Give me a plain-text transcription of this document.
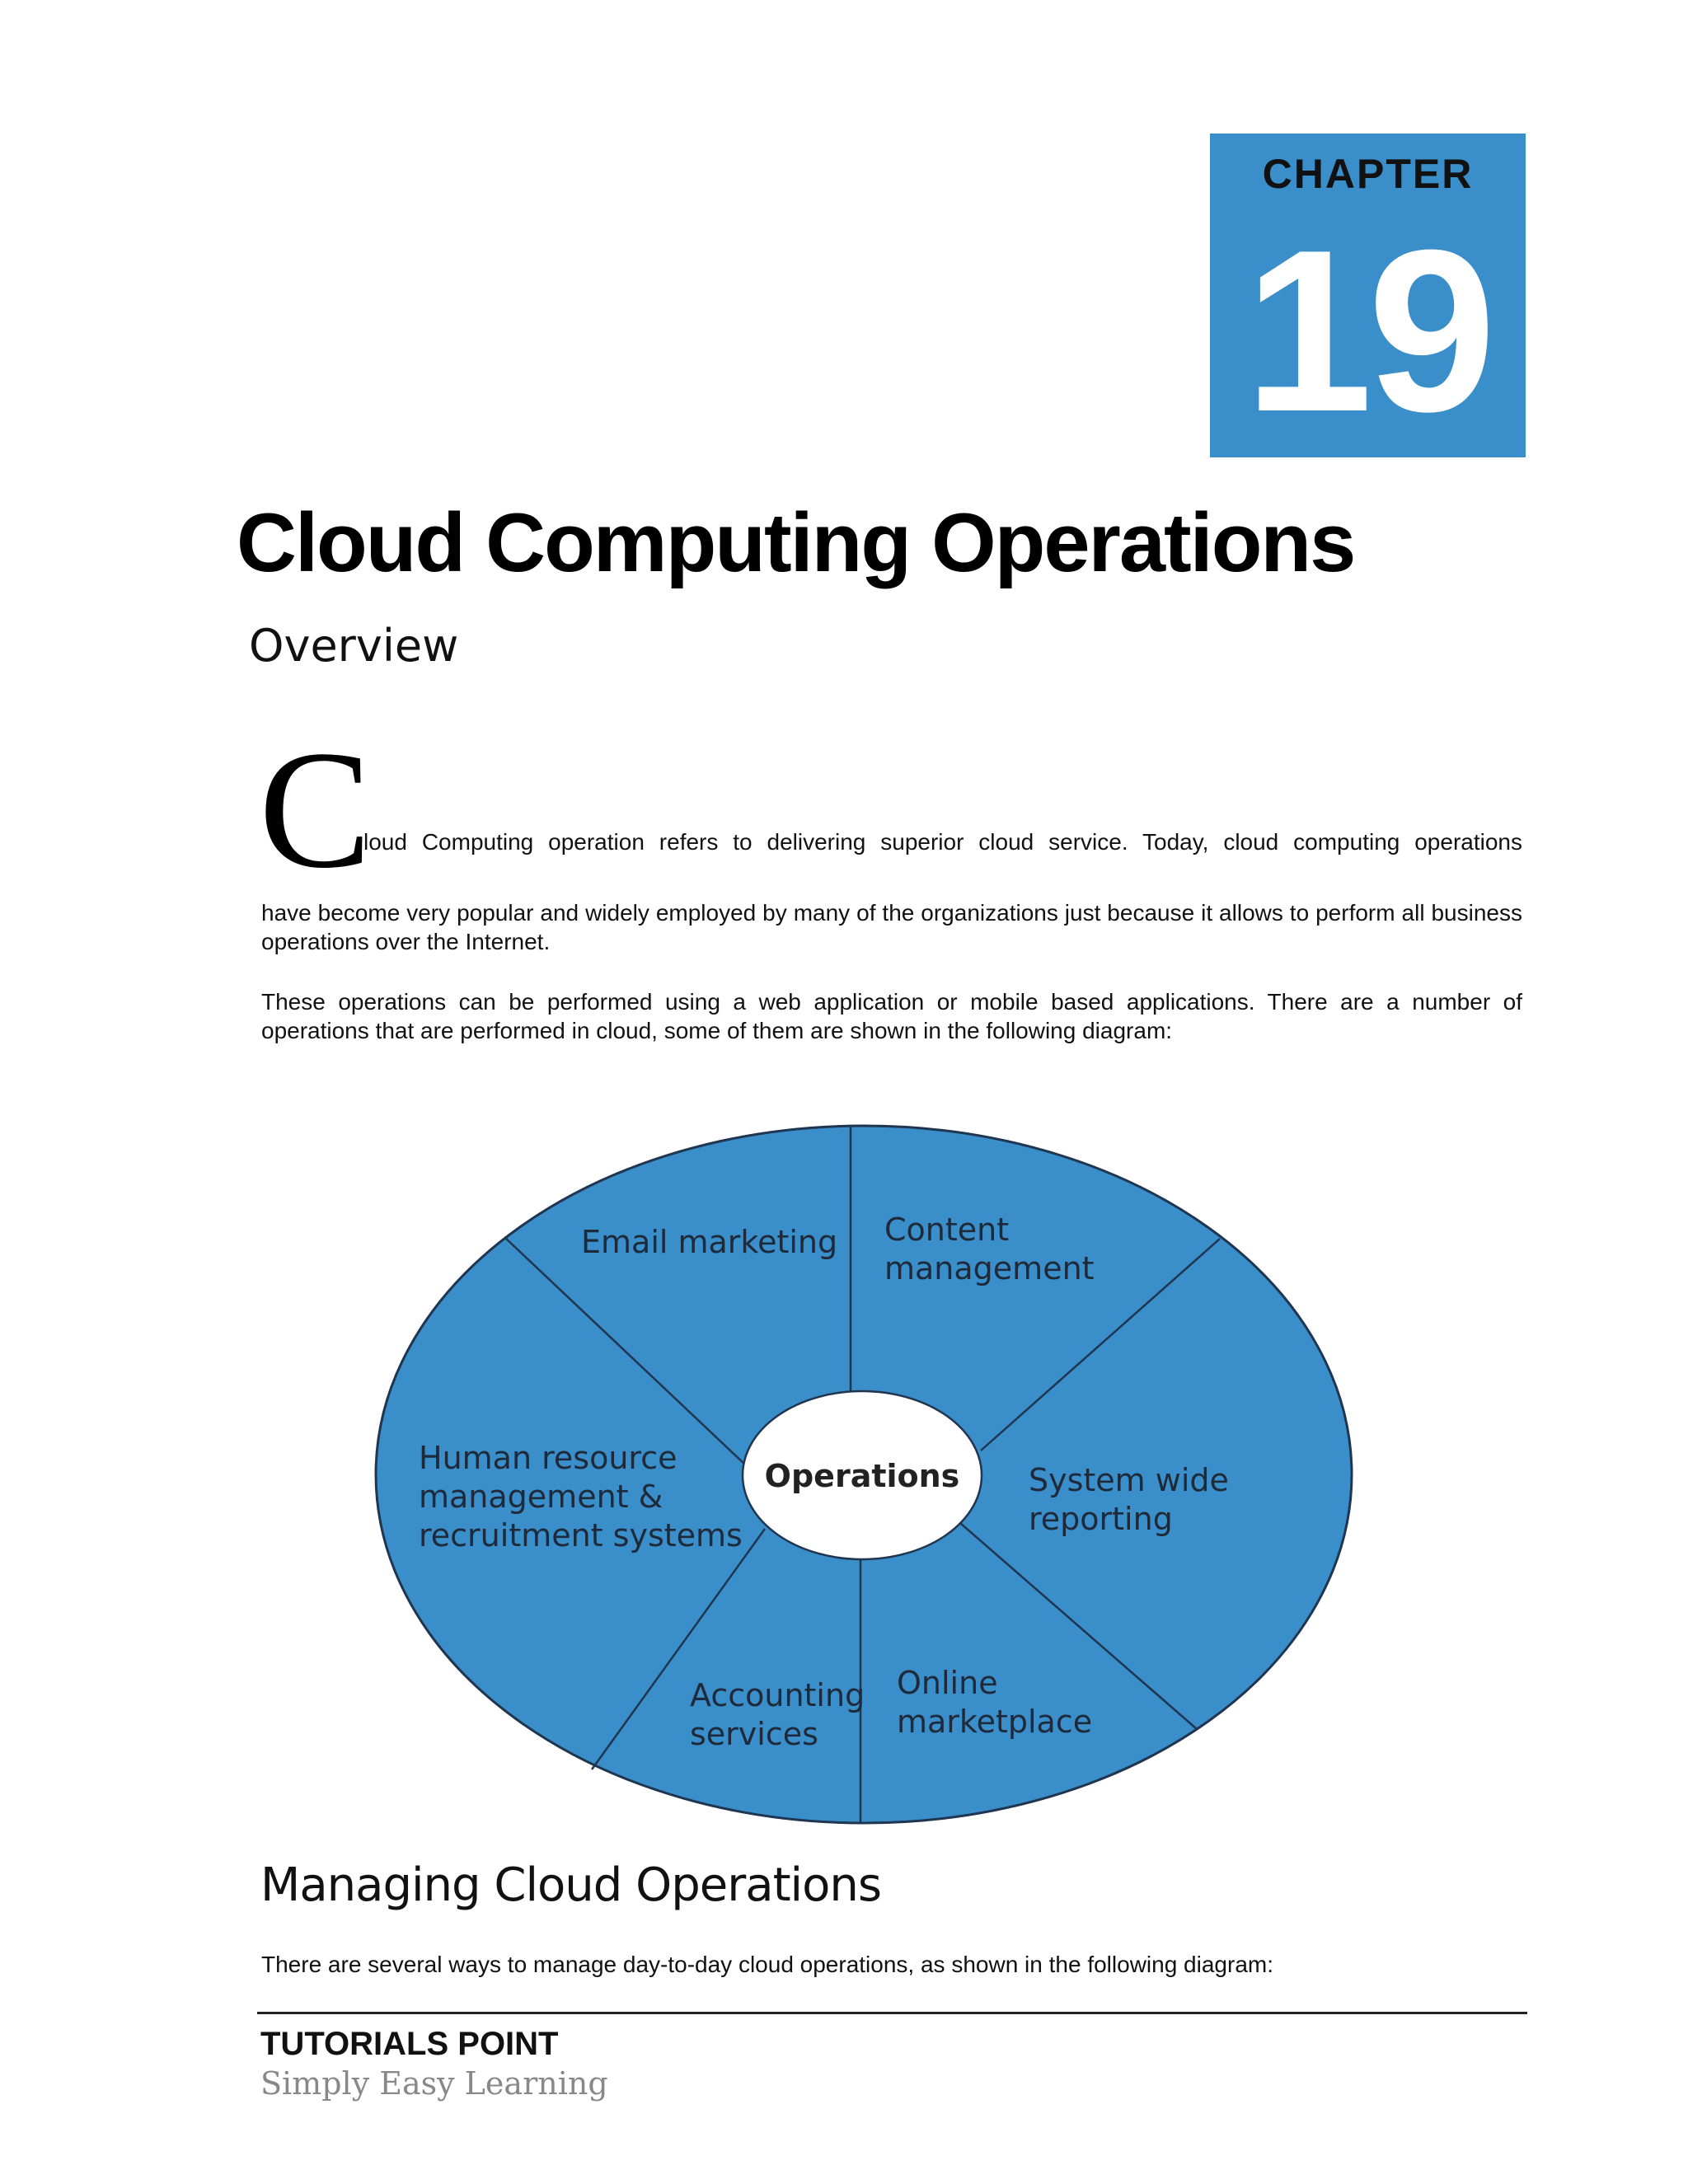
CHAPTER
19
Cloud Computing Operations
Overview
C
loud Computing operation refers to delivering superior cloud service. Today, cloud computing operations

have become very popular and widely employed by many of the organizations just because it allows to perform all business operations over the Internet.

These operations can be performed using a web application or mobile based applications. There are a number of operations that are performed in cloud, some of them are shown in the following diagram:

Operations
Email marketing Content management
System wide reporting
Online marketplace
Accounting services
Human resource management & recruitment systems
Managing Cloud Operations

There are several ways to manage day-to-day cloud operations, as shown in the following diagram:

TUTORIALS POINT
Simply Easy Learning
